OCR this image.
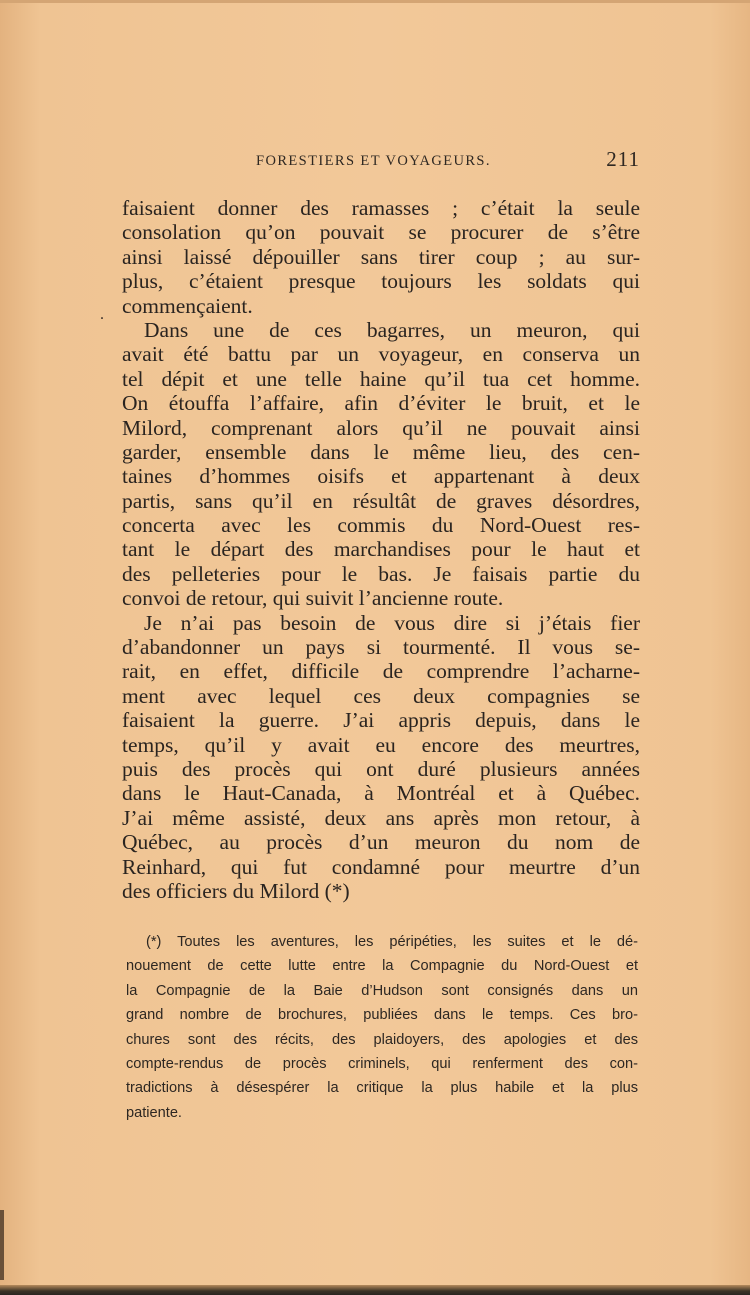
FORESTIERS ET VOYAGEURS.	211
.
faisaient donner des ramasses ; c’était la seule
consolation qu’on pouvait se procurer de s’être
ainsi laissé dépouiller sans tirer coup ; au sur-
plus, c’étaient presque toujours les soldats qui
commençaient.
Dans une de ces bagarres, un meuron, qui
avait été battu par un voyageur, en conserva un
tel dépit et une telle haine qu’il tua cet homme.
On étouffa l’affaire, afin d’éviter le bruit, et le
Milord, comprenant alors qu’il ne pouvait ainsi
garder, ensemble dans le même lieu, des cen-
taines d’hommes oisifs et appartenant à deux
partis, sans qu’il en résultât de graves désordres,
concerta avec les commis du Nord-Ouest res-
tant le départ des marchandises pour le haut et
des pelleteries pour le bas. Je faisais partie du
convoi de retour, qui suivit l’ancienne route.
Je n’ai pas besoin de vous dire si j’étais fier
d’abandonner un pays si tourmenté. Il vous se-
rait, en effet, difficile de comprendre l’acharne-
ment avec lequel ces deux compagnies se
faisaient la guerre. J’ai appris depuis, dans le
temps, qu’il y avait eu encore des meurtres,
puis des procès qui ont duré plusieurs années
dans le Haut-Canada, à Montréal et à Québec.
J’ai même assisté, deux ans après mon retour, à
Québec, au procès d’un meuron du nom de
Reinhard, qui fut condamné pour meurtre d’un
des officiers du Milord (*)
(*) Toutes les aventures, les péripéties, les suites et le dé-
nouement de cette lutte entre la Compagnie du Nord-Ouest et
la Compagnie de la Baie d’Hudson sont consignés dans un
grand nombre de brochures, publiées dans le temps. Ces bro-
chures sont des récits, des plaidoyers, des apologies et des
compte-rendus de procès criminels, qui renferment des con-
tradictions à désespérer la critique la plus habile et la plus
patiente.
